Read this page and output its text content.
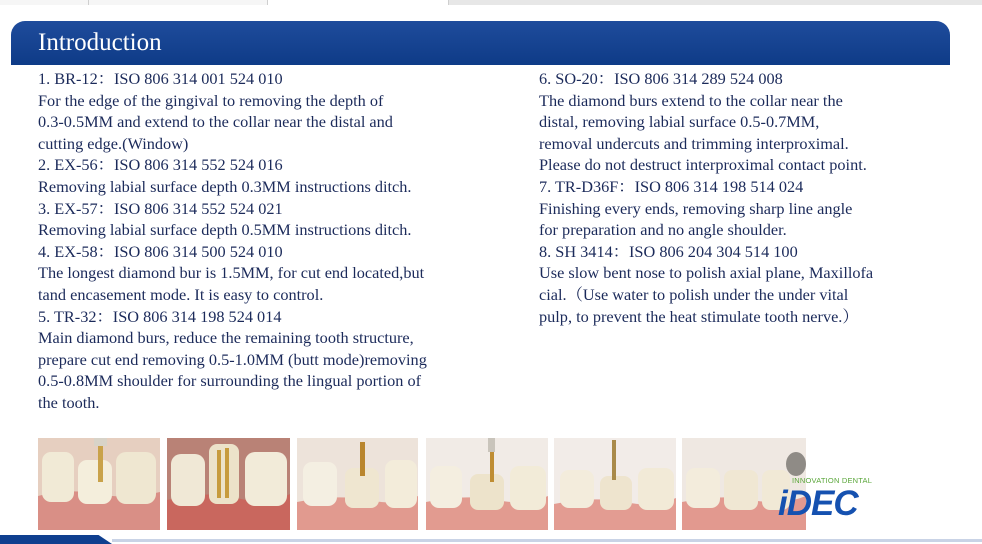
Introduction
1. BR-12：ISO 806 314 001 524 010
For the edge of the gingival to removing the depth of
0.3-0.5MM and extend to the collar near the distal and
cutting edge.(Window)
2. EX-56：ISO 806 314 552 524 016
Removing labial surface depth 0.3MM instructions ditch.
3. EX-57：ISO 806 314 552 524 021
Removing labial surface depth 0.5MM instructions ditch.
4. EX-58：ISO 806 314 500 524 010
The longest diamond bur is 1.5MM, for cut end located,but
tand encasement mode. It is easy to control.
5. TR-32：ISO 806 314 198 524 014
Main diamond burs, reduce the remaining tooth structure,
prepare cut end removing 0.5-1.0MM (butt mode)removing
0.5-0.8MM shoulder for surrounding the lingual portion of
the tooth.
6. SO-20：ISO 806 314 289 524 008
The diamond burs extend to the collar near the
distal, removing labial surface 0.5-0.7MM,
removal undercuts and trimming interproximal.
Please do not destruct interproximal contact point.
7. TR-D36F：ISO 806 314 198 514 024
Finishing every ends, removing sharp line angle
for preparation and no angle shoulder.
8. SH 3414：ISO 806 204 304 514 100
Use slow bent nose to polish axial plane, Maxillofa
cial.（Use water to polish under the under vital
pulp, to prevent the heat stimulate tooth nerve.）
INNOVATION DENTAL
iDEC
